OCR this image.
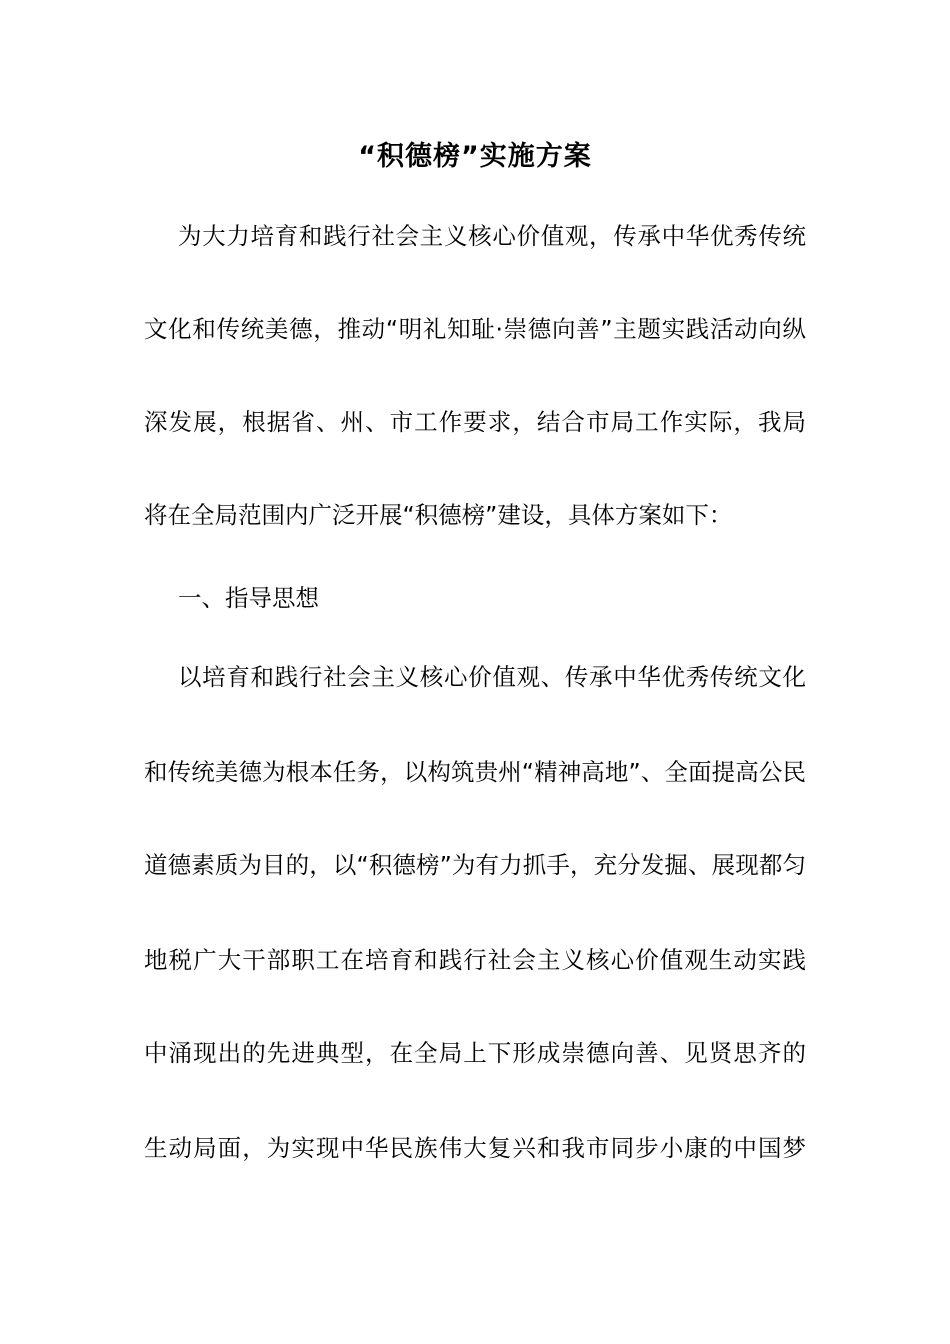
“积德榜”实施方案
为大力培育和践行社会主义核心价值观，传承中华优秀传统
文化和传统美德，推动“明礼知耻·崇德向善”主题实践活动向纵
深发展，根据省、州、市工作要求，结合市局工作实际，我局
将在全局范围内广泛开展“积德榜”建设，具体方案如下：
一、指导思想
以培育和践行社会主义核心价值观、传承中华优秀传统文化
和传统美德为根本任务，以构筑贵州“精神高地”、全面提高公民
道德素质为目的，以“积德榜”为有力抓手，充分发掘、展现都匀
地税广大干部职工在培育和践行社会主义核心价值观生动实践
中涌现出的先进典型，在全局上下形成崇德向善、见贤思齐的
生动局面，为实现中华民族伟大复兴和我市同步小康的中国梦
